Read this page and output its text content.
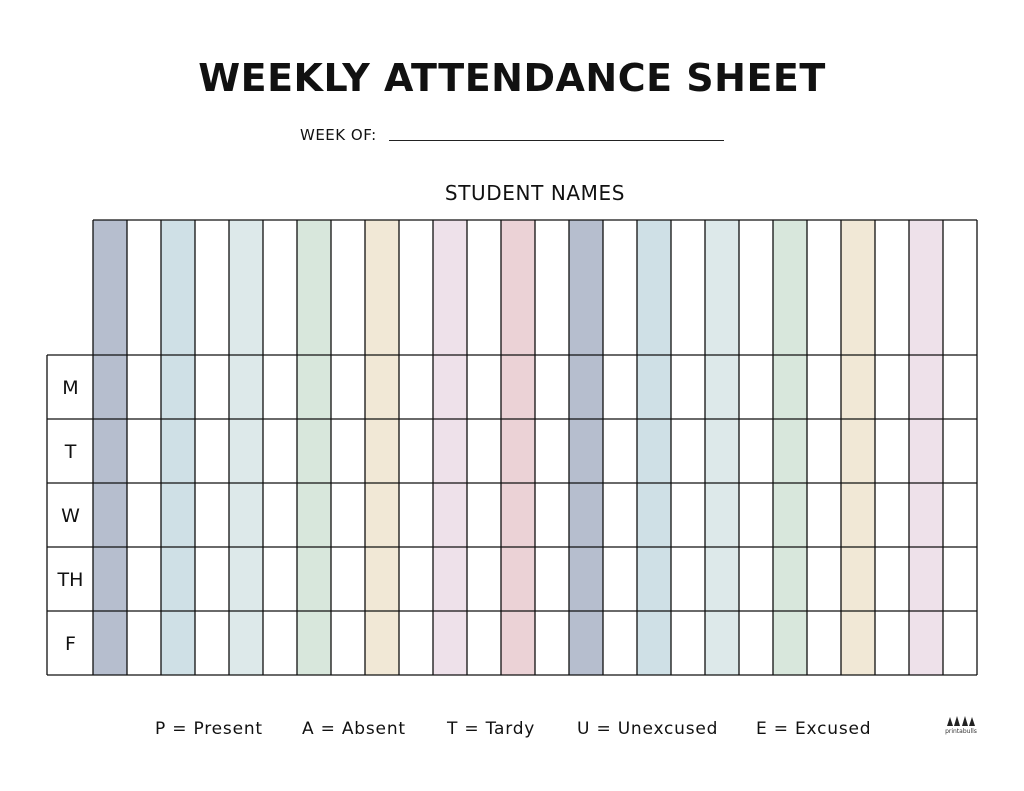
WEEKLY ATTENDANCE SHEET
WEEK OF:
STUDENT NAMES
M
T
W
TH
F
P = Present A = Absent T = Tardy U = Unexcused E = Excused	printabulls
